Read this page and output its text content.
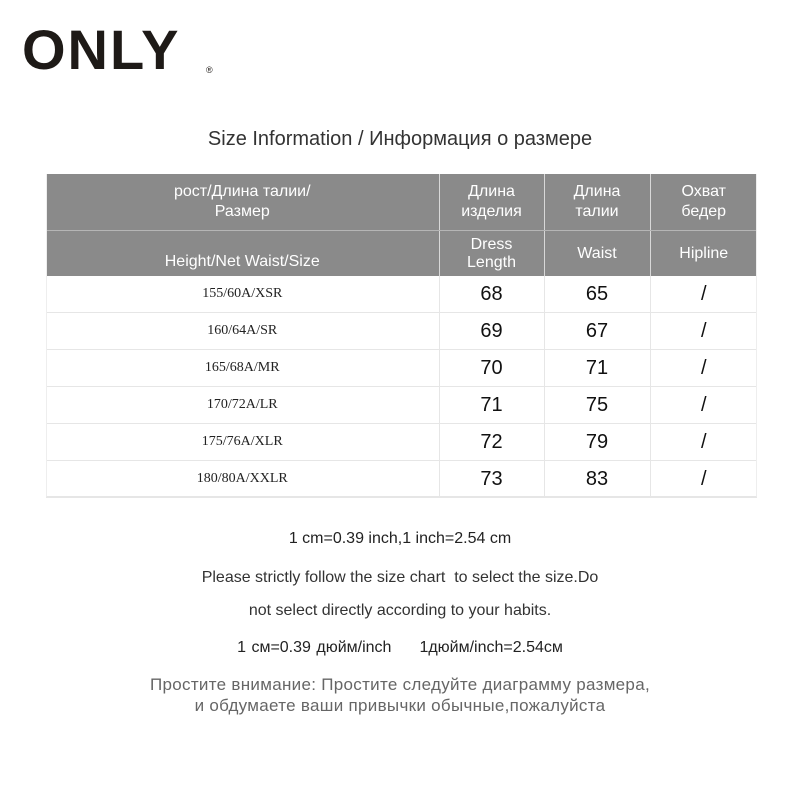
ONLY	®
Size Information / Информация о размере
рост/Длина талии/Размер	Длина изделия	Длина талии	Охват бедер

Height/Net Waist/Size	Dress Length	Waist	Hipline
155/60A/XSR	68	65	/
160/64A/SR	69	67	/
165/68A/MR	70	71	/
170/72A/LR	71	75	/
175/76A/XLR	72	79	/
180/80A/XXLR	73	83	/
1 cm=0.39 inch,1 inch=2.54 cm
Please strictly follow the size chart  to select the size.Do
not select directly according to your habits.
1 см=0.39 дюйм/inch 1дюйм/inch=2.54см
Простите внимание: Простите следуйте диаграмму размера,
и обдумаете ваши привычки обычные,пожалуйста
